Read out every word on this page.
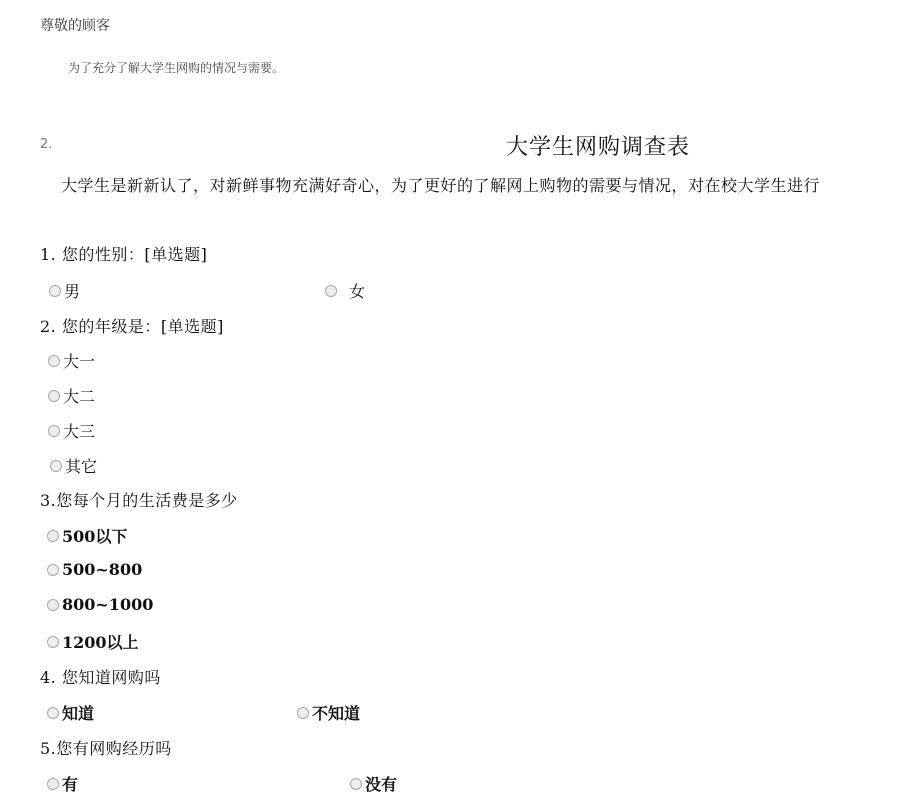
尊敬的顾客
为了充分了解大学生网购的情况与需要。
2.	大学生网购调查表
大学生是新新认了，对新鲜事物充满好奇心，为了更好的了解网上购物的需要与情况，对在校大学生进行
1. 您的性别：[单选题]
男	女
2. 您的年级是：[单选题]
大一
大二
大三
其它
3.您每个月的生活费是多少
500以下
500~800
800~1000
1200以上
4. 您知道网购吗
知道	不知道
5.您有网购经历吗
有	没有
